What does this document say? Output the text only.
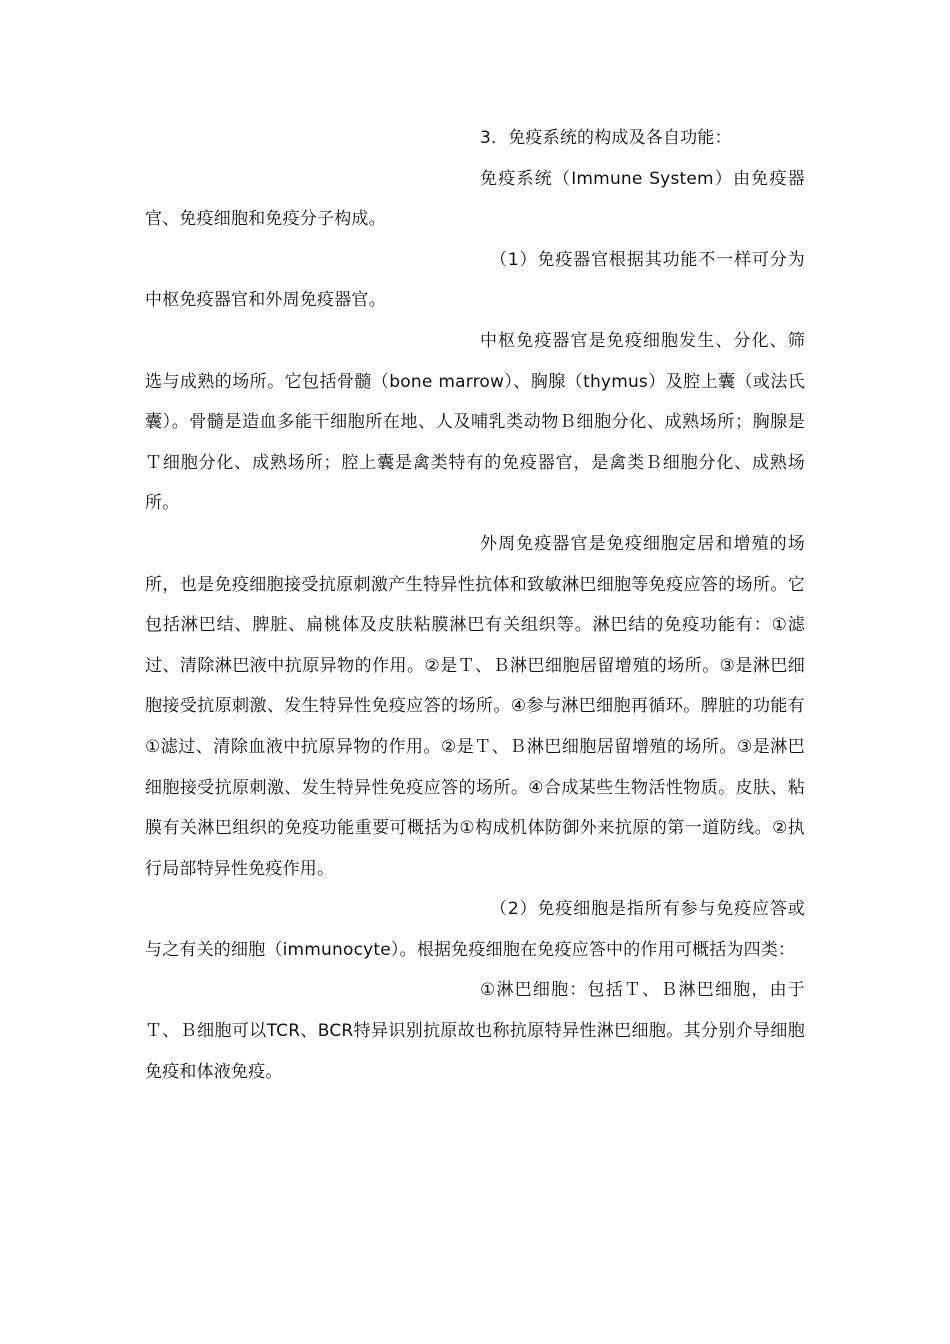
3．免疫系统的构成及各自功能：

免疫系统（Immune System）由免疫器官、免疫细胞和免疫分子构成。

（1）免疫器官根据其功能不一样可分为中枢免疫器官和外周免疫器官。

中枢免疫器官是免疫细胞发生、分化、筛选与成熟的场所。它包括骨髓（bone marrow）、胸腺（thymus）及腔上囊（或法氏囊）。骨髓是造血多能干细胞所在地、人及哺乳类动物Ｂ细胞分化、成熟场所；胸腺是Ｔ细胞分化、成熟场所；腔上囊是禽类特有的免疫器官，是禽类Ｂ细胞分化、成熟场所。

外周免疫器官是免疫细胞定居和增殖的场所，也是免疫细胞接受抗原刺激产生特异性抗体和致敏淋巴细胞等免疫应答的场所。它包括淋巴结、脾脏、扁桃体及皮肤粘膜淋巴有关组织等。淋巴结的免疫功能有：①滤过、清除淋巴液中抗原异物的作用。②是Ｔ、Ｂ淋巴细胞居留增殖的场所。③是淋巴细胞接受抗原刺激、发生特异性免疫应答的场所。④参与淋巴细胞再循环。脾脏的功能有①滤过、清除血液中抗原异物的作用。②是Ｔ、Ｂ淋巴细胞居留增殖的场所。③是淋巴细胞接受抗原刺激、发生特异性免疫应答的场所。④合成某些生物活性物质。皮肤、粘膜有关淋巴组织的免疫功能重要可概括为①构成机体防御外来抗原的第一道防线。②执行局部特异性免疫作用。

（2）免疫细胞是指所有参与免疫应答或与之有关的细胞（immunocyte）。根据免疫细胞在免疫应答中的作用可概括为四类：

①淋巴细胞：包括Ｔ、Ｂ淋巴细胞，由于Ｔ、Ｂ细胞可以TCR、BCR特异识别抗原故也称抗原特异性淋巴细胞。其分别介导细胞免疫和体液免疫。
